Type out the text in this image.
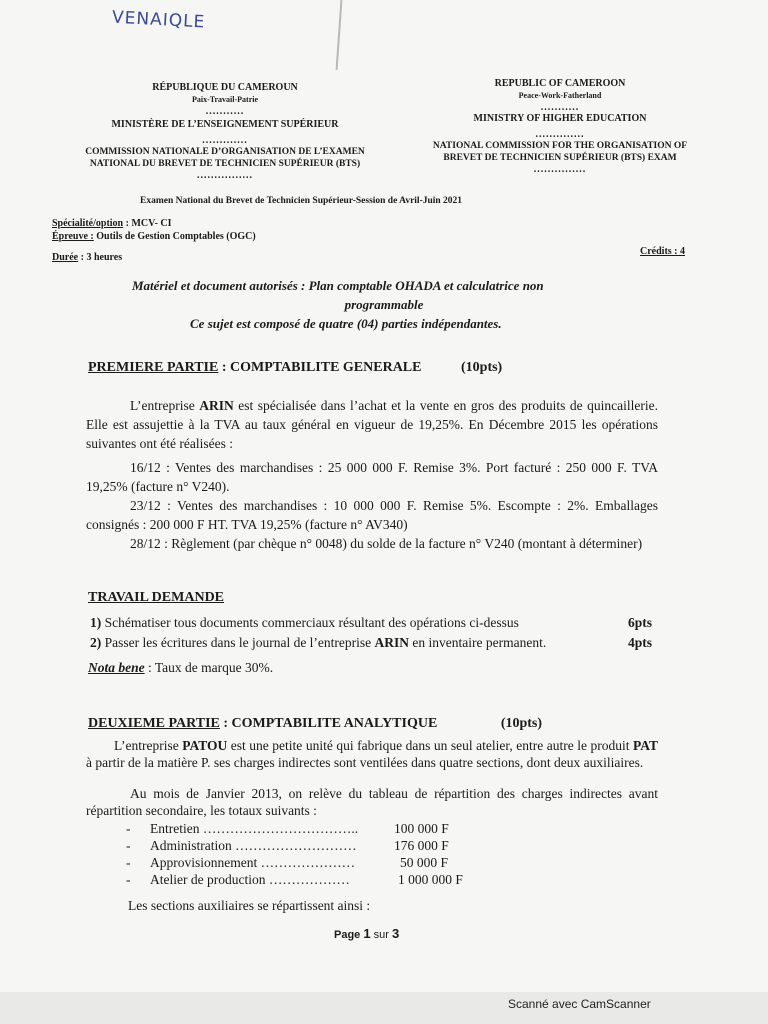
VENAIQLE
RÉPUBLIQUE DU CAMEROUN
Paix-Travail-Patrie
...........
MINISTÈRE DE L’ENSEIGNEMENT SUPÉRIEUR
.............
COMMISSION NATIONALE D’ORGANISATION DE L’EXAMEN
NATIONAL DU BREVET DE TECHNICIEN SUPÉRIEUR (BTS)
................
REPUBLIC OF CAMEROON
Peace-Work-Fatherland
...........
MINISTRY OF HIGHER EDUCATION
..............
NATIONAL COMMISSION FOR THE ORGANISATION OF
BREVET DE TECHNICIEN SUPÉRIEUR (BTS) EXAM
...............
Examen National du Brevet de Technicien Supérieur-Session de Avril-Juin 2021
Spécialité/option : MCV- CI
Épreuve : Outils de Gestion Comptables (OGC)
Durée : 3 heures
Crédits : 4
Matériel et document autorisés : Plan comptable OHADA et calculatrice non
programmable
Ce sujet est composé de quatre (04) parties indépendantes.
PREMIERE PARTIE : COMPTABILITE GENERALE	(10pts)
L’entreprise ARIN est spécialisée dans l’achat et la vente en gros des produits de quincaillerie. Elle est assujettie à la TVA au taux général en vigueur de 19,25%. En Décembre 2015 les opérations suivantes ont été réalisées :
16/12 : Ventes des marchandises : 25 000 000 F. Remise 3%. Port facturé : 250 000 F. TVA 19,25% (facture n° V240).
23/12 : Ventes des marchandises : 10 000 000 F. Remise 5%. Escompte : 2%. Emballages consignés : 200 000 F HT. TVA 19,25% (facture n° AV340)
28/12 : Règlement (par chèque n° 0048) du solde de la facture n° V240 (montant à déterminer)
TRAVAIL DEMANDE
1) Schématiser tous documents commerciaux résultant des opérations ci-dessus	6pts
2) Passer les écritures dans le journal de l’entreprise ARIN en inventaire permanent.	4pts
Nota bene : Taux de marque 30%.
DEUXIEME PARTIE : COMPTABILITE ANALYTIQUE	(10pts)
L’entreprise PATOU est une petite unité qui fabrique dans un seul atelier, entre autre le produit PAT à partir de la matière P. ses charges indirectes sont ventilées dans quatre sections, dont deux auxiliaires.
Au mois de Janvier 2013, on relève du tableau de répartition des charges indirectes avant répartition secondaire, les totaux suivants :
-	Entretien ……………………………..	100 000 F
-	Administration ………………………	176 000 F
-	Approvisionnement …………………	50 000 F
-	Atelier de production ………………	1 000 000 F
Les sections auxiliaires se répartissent ainsi :
Page 1 sur 3
Scanné avec CamScanner
